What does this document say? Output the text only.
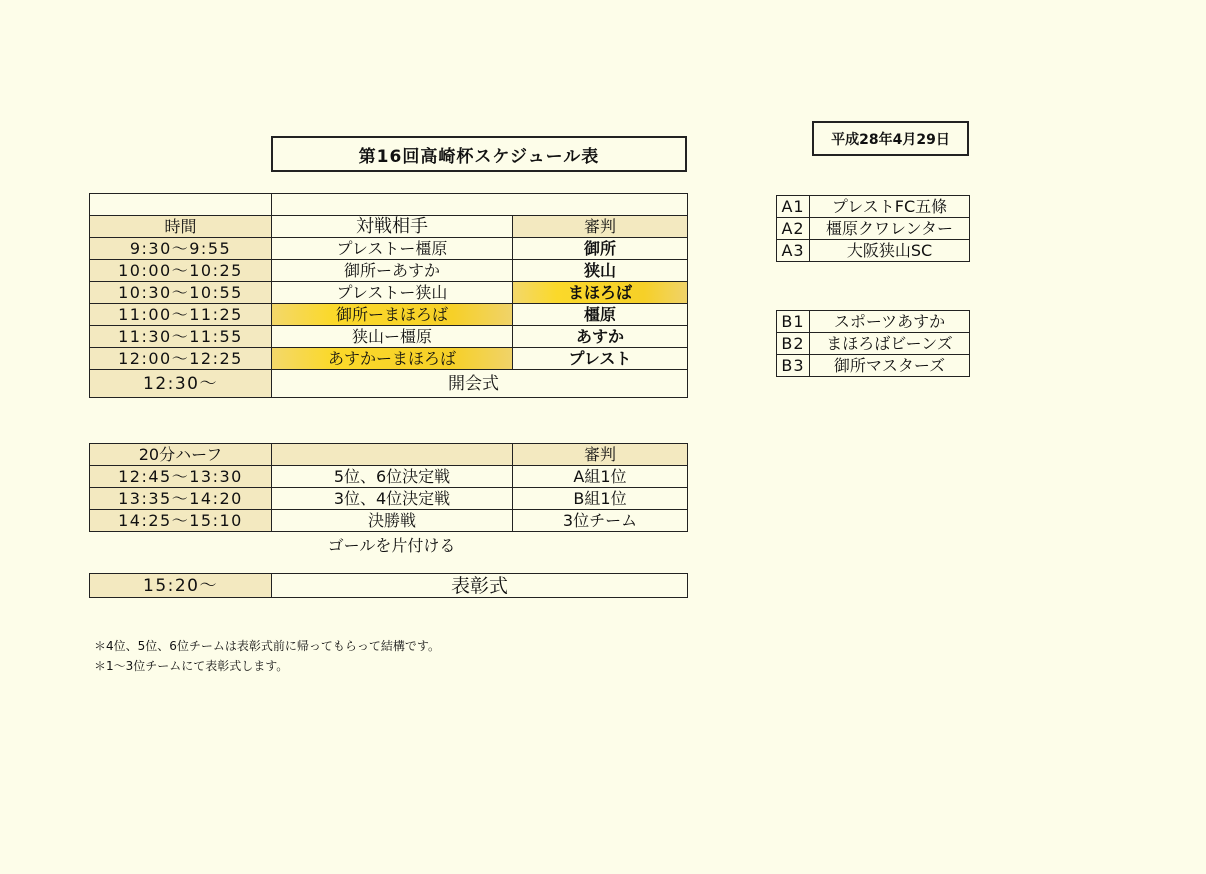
第16回高崎杯スケジュール表
平成28年4月29日

時間	対戦相手	審判
9:30〜9:55	プレストー橿原	御所
10:00〜10:25	御所ーあすか	狭山
10:30〜10:55	プレストー狭山	まほろば
11:00〜11:25	御所ーまほろば	橿原
11:30〜11:55	狭山ー橿原	あすか
12:00〜12:25	あすかーまほろば	プレスト
12:30〜	開会式	
20分ハーフ		審判
12:45〜13:30	5位、6位決定戦	A組1位
13:35〜14:20	3位、4位決定戦	B組1位
14:25〜15:10	決勝戦	3位チーム
ゴールを片付ける
15:20〜	表彰式
A1	プレストFC五條
A2	橿原クワレンター
A3	大阪狭山SC
B1	スポーツあすか
B2	まほろばビーンズ
B3	御所マスターズ
＊4位、5位、6位チームは表彰式前に帰ってもらって結構です。
＊1〜3位チームにて表彰式します。
